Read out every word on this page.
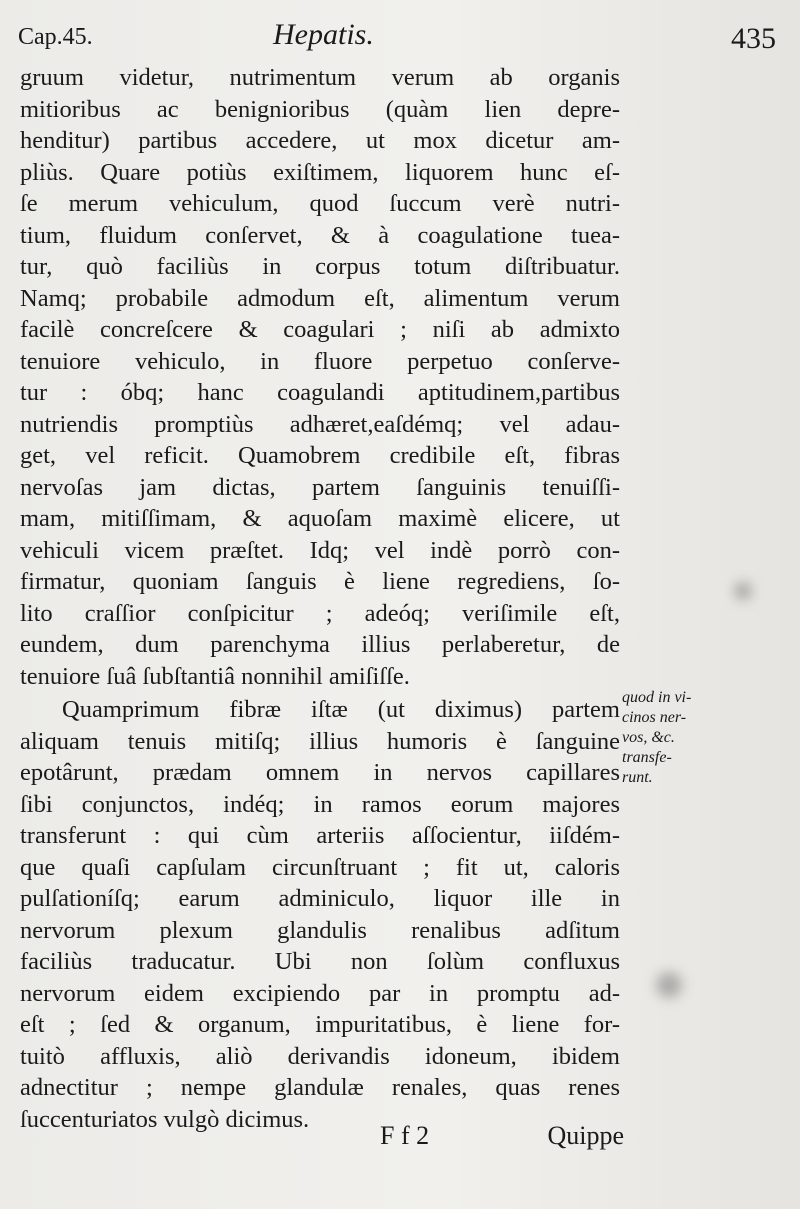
Cap.45.	Hepatis.	435
gruum videtur, nutrimentum verum ab organis
mitioribus ac benignioribus (quàm lien depre-
henditur) partibus accedere, ut mox dicetur am-
pliùs. Quare potiùs exiſtimem, liquorem hunc eſ-
ſe merum vehiculum, quod ſuccum verè nutri-
tium, fluidum conſervet, & à coagulatione tuea-
tur, quò faciliùs in corpus totum diſtribuatur.
Namq; probabile admodum eſt, alimentum verum
facilè concreſcere & coagulari ; niſi ab admixto
tenuiore vehiculo, in fluore perpetuo conſerve-
tur : óbq; hanc coagulandi aptitudinem,partibus
nutriendis promptiùs adhæret,eaſdémq; vel adau-
get, vel reficit. Quamobrem credibile eſt, fibras
nervoſas jam dictas, partem ſanguinis tenuiſſi-
mam, mitiſſimam, & aquoſam maximè elicere, ut
vehiculi vicem præſtet. Idq; vel indè porrò con-
firmatur, quoniam ſanguis è liene regrediens, ſo-
lito craſſior conſpicitur ; adeóq; veriſimile eſt,
eundem, dum parenchyma illius perlaberetur, de
tenuiore ſuâ ſubſtantiâ nonnihil amiſiſſe.
Quamprimum fibræ iſtæ (ut diximus) partem
aliquam tenuis mitiſq; illius humoris è ſanguine
epotârunt, prædam omnem in nervos capillares
ſibi conjunctos, indéq; in ramos eorum majores
transferunt : qui cùm arteriis aſſocientur, iiſdém-
que quaſi capſulam circunſtruant ; fit ut, caloris
pulſationíſq; earum adminiculo, liquor ille in
nervorum plexum glandulis renalibus adſitum
faciliùs traducatur. Ubi non ſolùm confluxus
nervorum eidem excipiendo par in promptu ad-
eſt ; ſed & organum, impuritatibus, è liene for-
tuitò affluxis, aliò derivandis idoneum, ibidem
adnectitur ; nempe glandulæ renales, quas renes
ſuccenturiatos vulgò dicimus.
quod in vi-
cinos ner-
vos, &c.
transfe-
runt.
F f 2	Quippe
